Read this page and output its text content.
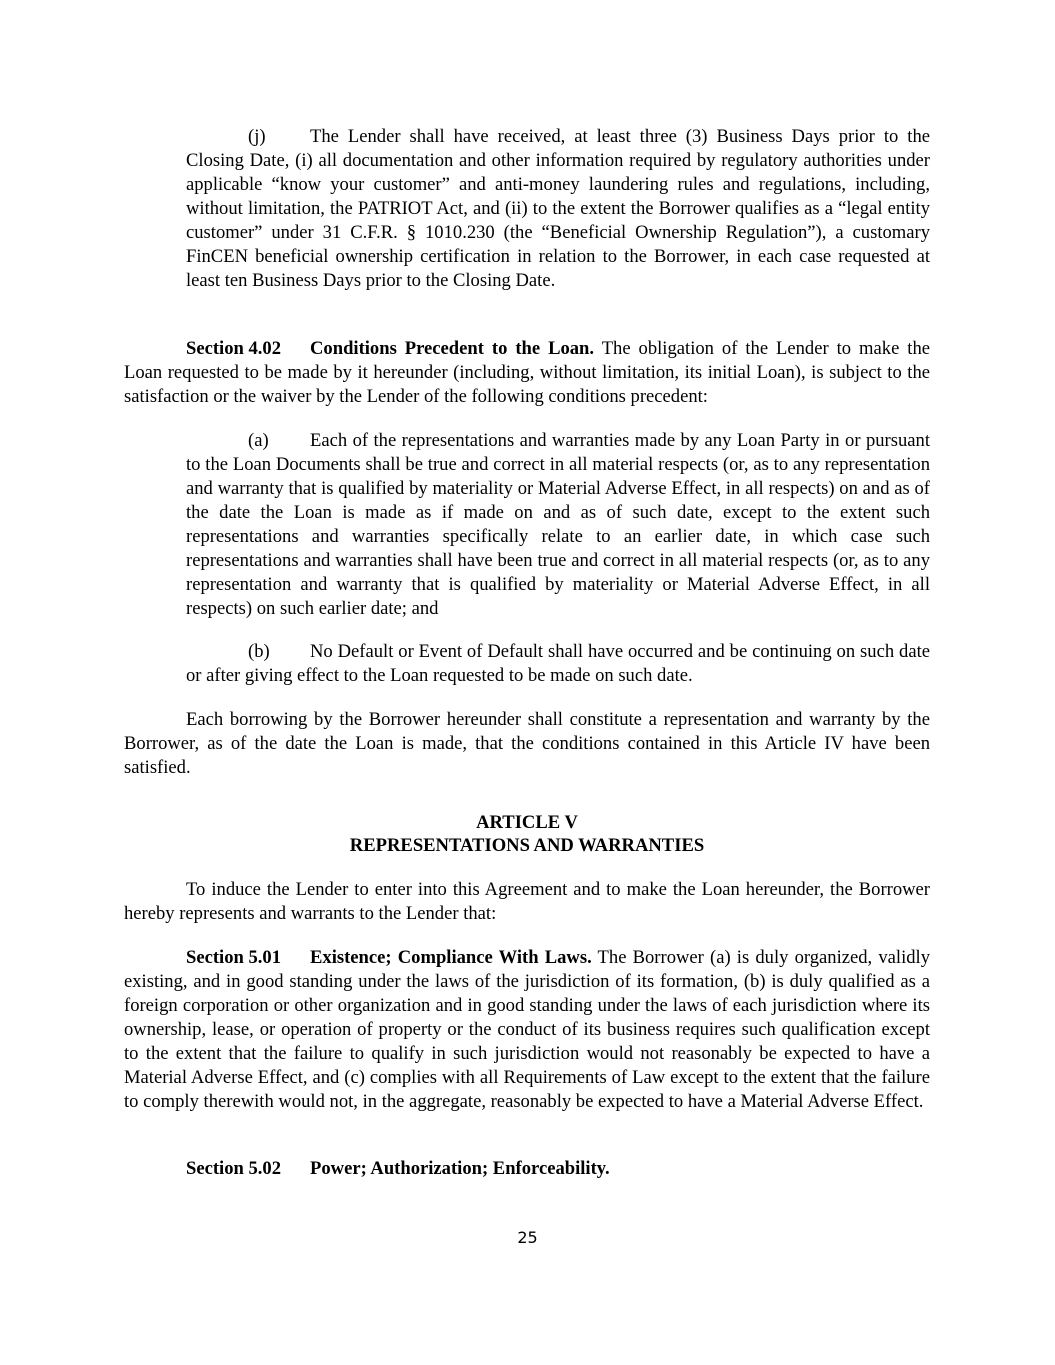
(j) The Lender shall have received, at least three (3) Business Days prior to the Closing Date, (i) all documentation and other information required by regulatory authorities under applicable “know your customer” and anti-money laundering rules and regulations, including, without limitation, the PATRIOT Act, and (ii) to the extent the Borrower qualifies as a “legal entity customer” under 31 C.F.R. § 1010.230 (the “Beneficial Ownership Regulation”), a customary FinCEN beneficial ownership certification in relation to the Borrower, in each case requested at least ten Business Days prior to the Closing Date.

Section 4.02 Conditions Precedent to the Loan. The obligation of the Lender to make the Loan requested to be made by it hereunder (including, without limitation, its initial Loan), is subject to the satisfaction or the waiver by the Lender of the following conditions precedent:

(a) Each of the representations and warranties made by any Loan Party in or pursuant to the Loan Documents shall be true and correct in all material respects (or, as to any representation and warranty that is qualified by materiality or Material Adverse Effect, in all respects) on and as of the date the Loan is made as if made on and as of such date, except to the extent such representations and warranties specifically relate to an earlier date, in which case such representations and warranties shall have been true and correct in all material respects (or, as to any representation and warranty that is qualified by materiality or Material Adverse Effect, in all respects) on such earlier date; and

(b) No Default or Event of Default shall have occurred and be continuing on such date or after giving effect to the Loan requested to be made on such date.

Each borrowing by the Borrower hereunder shall constitute a representation and warranty by the Borrower, as of the date the Loan is made, that the conditions contained in this Article IV have been satisfied.

ARTICLE V

REPRESENTATIONS AND WARRANTIES

To induce the Lender to enter into this Agreement and to make the Loan hereunder, the Borrower hereby represents and warrants to the Lender that:

Section 5.01 Existence; Compliance With Laws. The Borrower (a) is duly organized, validly existing, and in good standing under the laws of the jurisdiction of its formation, (b) is duly qualified as a foreign corporation or other organization and in good standing under the laws of each jurisdiction where its ownership, lease, or operation of property or the conduct of its business requires such qualification except to the extent that the failure to qualify in such jurisdiction would not reasonably be expected to have a Material Adverse Effect, and (c) complies with all Requirements of Law except to the extent that the failure to comply therewith would not, in the aggregate, reasonably be expected to have a Material Adverse Effect.

Section 5.02 Power; Authorization; Enforceability.

25
